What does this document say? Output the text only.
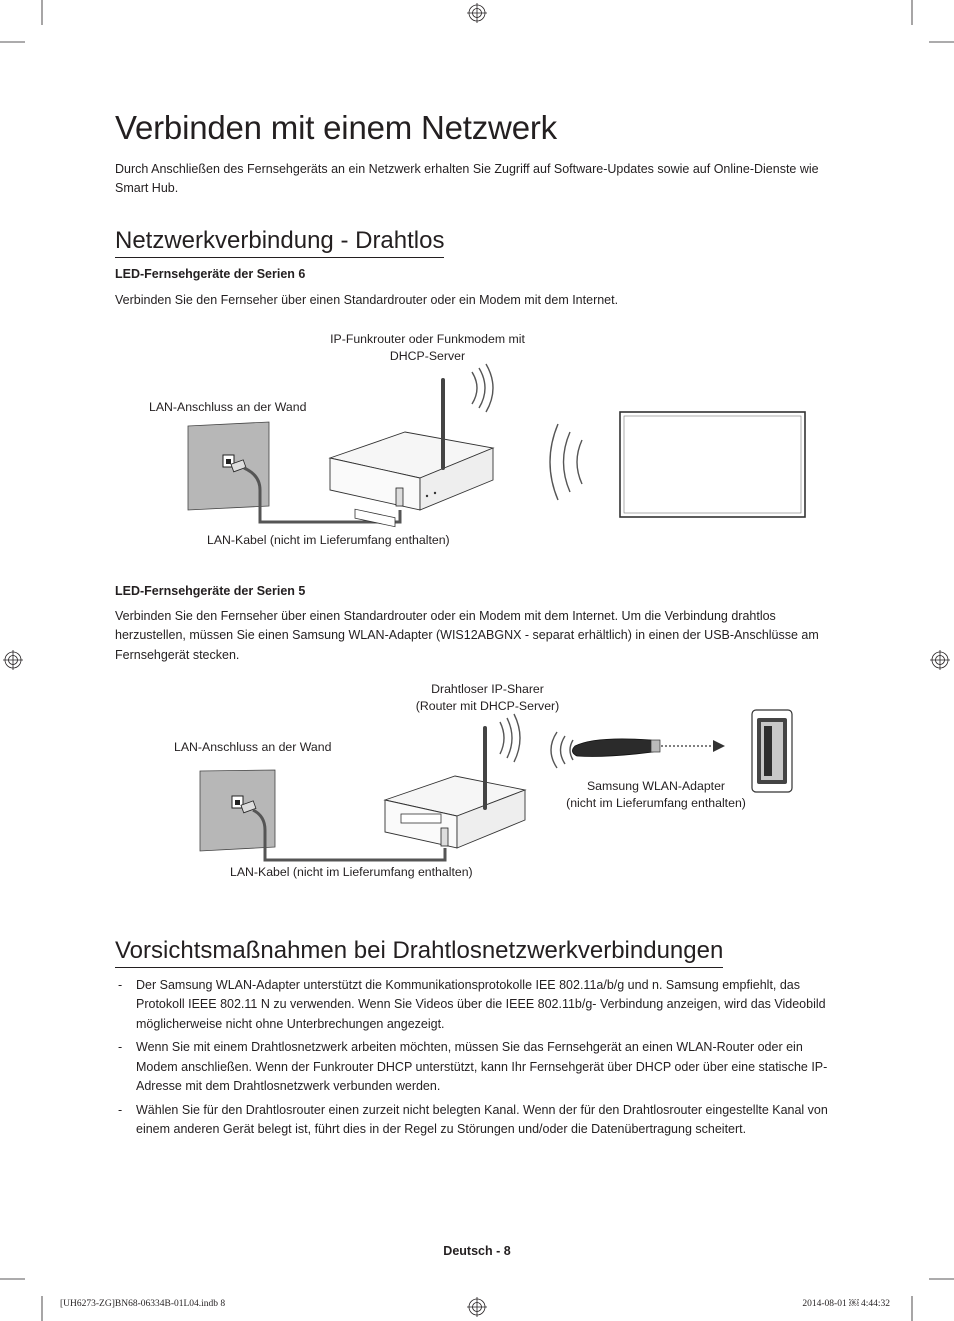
Verbinden mit einem Netzwerk
Durch Anschließen des Fernsehgeräts an ein Netzwerk erhalten Sie Zugriff auf Software-Updates sowie auf Online-Dienste wie Smart Hub.
Netzwerkverbindung - Drahtlos
LED-Fernsehgeräte der Serien 6
Verbinden Sie den Fernseher über einen Standardrouter oder ein Modem mit dem Internet.
IP-Funkrouter oder Funkmodem mit
DHCP-Server
LAN-Anschluss an der Wand
LAN-Kabel (nicht im Lieferumfang enthalten)
LED-Fernsehgeräte der Serien 5
Verbinden Sie den Fernseher über einen Standardrouter oder ein Modem mit dem Internet. Um die Verbindung drahtlos herzustellen, müssen Sie einen Samsung WLAN-Adapter (WIS12ABGNX - separat erhältlich) in einen der USB-Anschlüsse am Fernsehgerät stecken.
Drahtloser IP-Sharer
(Router mit DHCP-Server)
LAN-Anschluss an der Wand
Samsung WLAN-Adapter
(nicht im Lieferumfang enthalten)
LAN-Kabel (nicht im Lieferumfang enthalten)
Vorsichtsmaßnahmen bei Drahtlosnetzwerkverbindungen
- Der Samsung WLAN-Adapter unterstützt die Kommunikationsprotokolle IEE 802.11a/b/g und n. Samsung empfiehlt, das Protokoll IEEE 802.11 N zu verwenden. Wenn Sie Videos über die IEEE 802.11b/g- Verbindung anzeigen, wird das Videobild möglicherweise nicht ohne Unterbrechungen angezeigt.
- Wenn Sie mit einem Drahtlosnetzwerk arbeiten möchten, müssen Sie das Fernsehgerät an einen WLAN-Router oder ein Modem anschließen. Wenn der Funkrouter DHCP unterstützt, kann Ihr Fernsehgerät über DHCP oder über eine statische IP-Adresse mit dem Drahtlosnetzwerk verbunden werden.
- Wählen Sie für den Drahtlosrouter einen zurzeit nicht belegten Kanal. Wenn der für den Drahtlosrouter eingestellte Kanal von einem anderen Gerät belegt ist, führt dies in der Regel zu Störungen und/oder die Datenübertragung scheitert.
Deutsch - 8
[UH6273-ZG]BN68-06334B-01L04.indb 8	2014-08-01 ￼ 4:44:32
